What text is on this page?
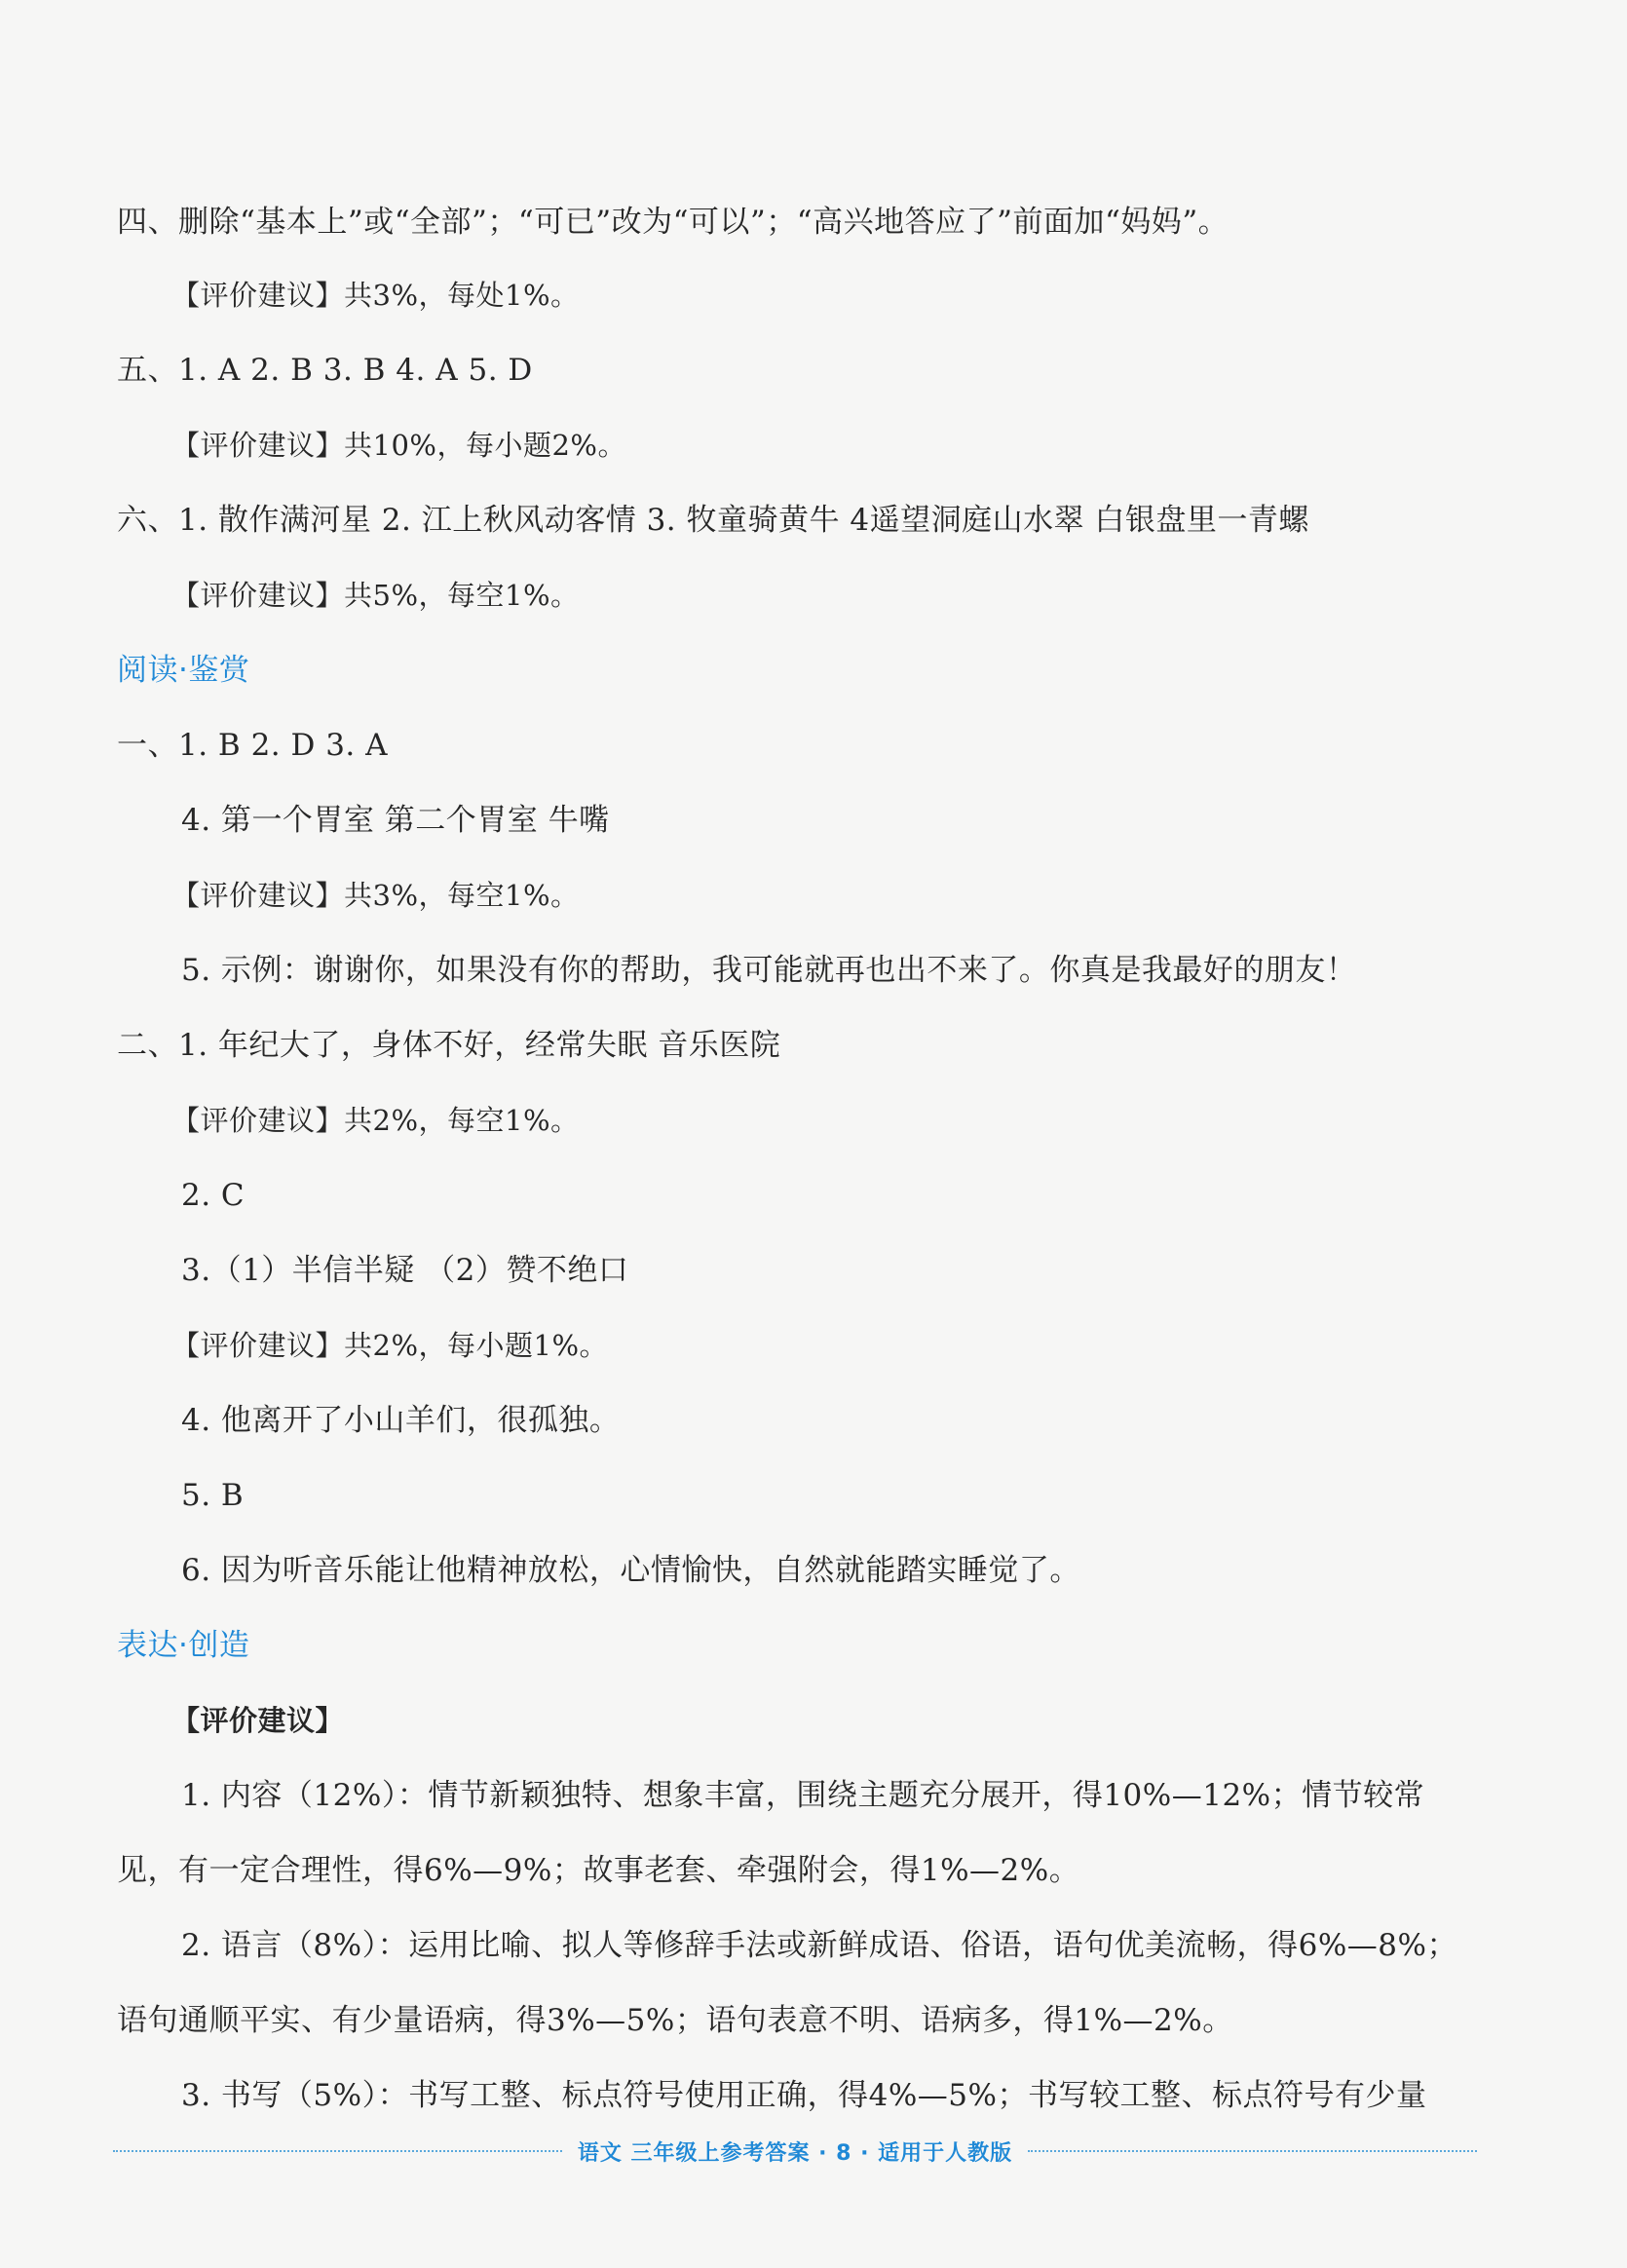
四、删除“基本上”或“全部”；“可已”改为“可以”；“高兴地答应了”前面加“妈妈”。
【评价建议】共3%，每处1%。
五、1. A 2. B 3. B 4. A 5. D
【评价建议】共10%，每小题2%。
六、1. 散作满河星 2. 江上秋风动客情 3. 牧童骑黄牛 4遥望洞庭山水翠 白银盘里一青螺
【评价建议】共5%，每空1%。
阅读·鉴赏
一、1. B 2. D 3. A
4. 第一个胃室 第二个胃室 牛嘴
【评价建议】共3%，每空1%。
5. 示例：谢谢你，如果没有你的帮助，我可能就再也出不来了。你真是我最好的朋友！
二、1. 年纪大了，身体不好，经常失眠 音乐医院
【评价建议】共2%，每空1%。
2. C
3.（1）半信半疑 （2）赞不绝口
【评价建议】共2%，每小题1%。
4. 他离开了小山羊们，很孤独。
5. B
6. 因为听音乐能让他精神放松，心情愉快，自然就能踏实睡觉了。
表达·创造
【评价建议】
1. 内容（12%）：情节新颖独特、想象丰富，围绕主题充分展开，得10%—12%；情节较常
见，有一定合理性，得6%—9%；故事老套、牵强附会，得1%—2%。
2. 语言（8%）：运用比喻、拟人等修辞手法或新鲜成语、俗语，语句优美流畅，得6%—8%；
语句通顺平实、有少量语病，得3%—5%；语句表意不明、语病多，得1%—2%。
3. 书写（5%）：书写工整、标点符号使用正确，得4%—5%；书写较工整、标点符号有少量
语文 三年级上参考答案 · 8 · 适用于人教版
